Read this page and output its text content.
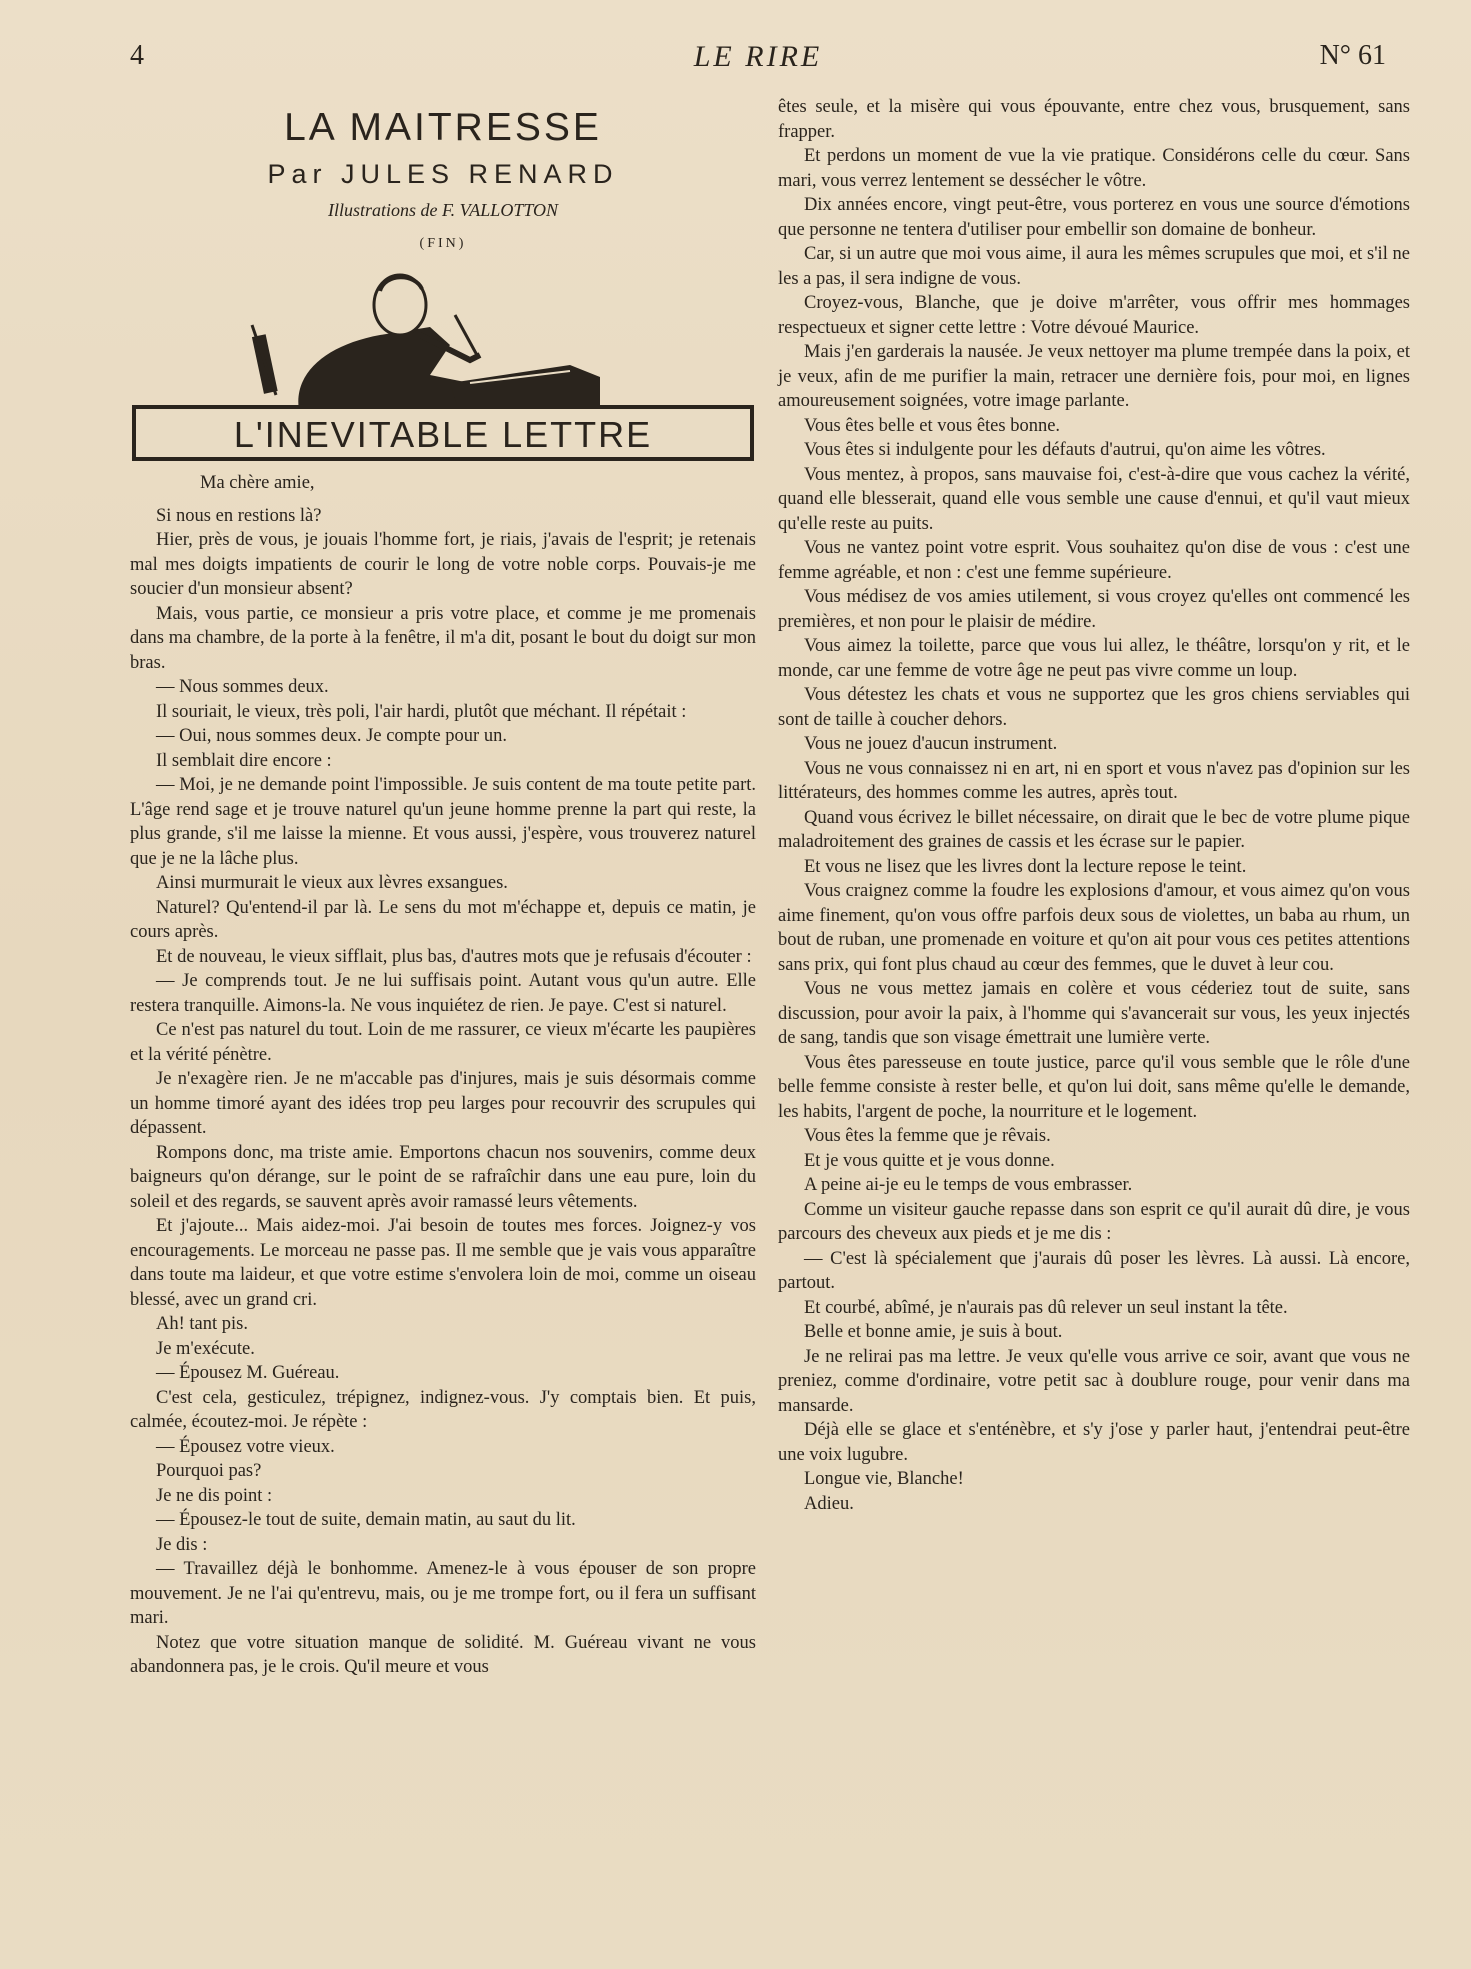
4	LE RIRE	N° 61
LA MAITRESSE
Par JULES RENARD
Illustrations de F. VALLOTTON
(FIN)
L'INEVITABLE LETTRE

Ma chère amie,

Si nous en restions là?

Hier, près de vous, je jouais l'homme fort, je riais, j'avais de l'esprit; je retenais mal mes doigts impatients de courir le long de votre noble corps. Pouvais-je me soucier d'un monsieur absent?

Mais, vous partie, ce monsieur a pris votre place, et comme je me promenais dans ma chambre, de la porte à la fenêtre, il m'a dit, posant le bout du doigt sur mon bras.

— Nous sommes deux.

Il souriait, le vieux, très poli, l'air hardi, plutôt que méchant. Il répétait :

— Oui, nous sommes deux. Je compte pour un.

Il semblait dire encore :

— Moi, je ne demande point l'impossible. Je suis content de ma toute petite part. L'âge rend sage et je trouve naturel qu'un jeune homme prenne la part qui reste, la plus grande, s'il me laisse la mienne. Et vous aussi, j'espère, vous trouverez naturel que je ne la lâche plus.

Ainsi murmurait le vieux aux lèvres exsangues.

Naturel? Qu'entend-il par là. Le sens du mot m'échappe et, depuis ce matin, je cours après.

Et de nouveau, le vieux sifflait, plus bas, d'autres mots que je refusais d'écouter :

— Je comprends tout. Je ne lui suffisais point. Autant vous qu'un autre. Elle restera tranquille. Aimons-la. Ne vous inquiétez de rien. Je paye. C'est si naturel.

Ce n'est pas naturel du tout. Loin de me rassurer, ce vieux m'écarte les paupières et la vérité pénètre.

Je n'exagère rien. Je ne m'accable pas d'injures, mais je suis désormais comme un homme timoré ayant des idées trop peu larges pour recouvrir des scrupules qui dépassent.

Rompons donc, ma triste amie. Emportons chacun nos souvenirs, comme deux baigneurs qu'on dérange, sur le point de se rafraîchir dans une eau pure, loin du soleil et des regards, se sauvent après avoir ramassé leurs vêtements.

Et j'ajoute... Mais aidez-moi. J'ai besoin de toutes mes forces. Joignez-y vos encouragements. Le morceau ne passe pas. Il me semble que je vais vous apparaître dans toute ma laideur, et que votre estime s'envolera loin de moi, comme un oiseau blessé, avec un grand cri.

Ah! tant pis.

Je m'exécute.

— Épousez M. Guéreau.

C'est cela, gesticulez, trépignez, indignez-vous. J'y comptais bien. Et puis, calmée, écoutez-moi. Je répète :

— Épousez votre vieux.

Pourquoi pas?

Je ne dis point :

— Épousez-le tout de suite, demain matin, au saut du lit.

Je dis :

— Travaillez déjà le bonhomme. Amenez-le à vous épouser de son propre mouvement. Je ne l'ai qu'entrevu, mais, ou je me trompe fort, ou il fera un suffisant mari.

Notez que votre situation manque de solidité. M. Guéreau vivant ne vous abandonnera pas, je le crois. Qu'il meure et vous

êtes seule, et la misère qui vous épouvante, entre chez vous, brusquement, sans frapper.

Et perdons un moment de vue la vie pratique. Considérons celle du cœur. Sans mari, vous verrez lentement se dessécher le vôtre.

Dix années encore, vingt peut-être, vous porterez en vous une source d'émotions que personne ne tentera d'utiliser pour embellir son domaine de bonheur.

Car, si un autre que moi vous aime, il aura les mêmes scrupules que moi, et s'il ne les a pas, il sera indigne de vous.

Croyez-vous, Blanche, que je doive m'arrêter, vous offrir mes hommages respectueux et signer cette lettre : Votre dévoué Maurice.

Mais j'en garderais la nausée. Je veux nettoyer ma plume trempée dans la poix, et je veux, afin de me purifier la main, retracer une dernière fois, pour moi, en lignes amoureusement soignées, votre image parlante.

Vous êtes belle et vous êtes bonne.

Vous êtes si indulgente pour les défauts d'autrui, qu'on aime les vôtres.

Vous mentez, à propos, sans mauvaise foi, c'est-à-dire que vous cachez la vérité, quand elle blesserait, quand elle vous semble une cause d'ennui, et qu'il vaut mieux qu'elle reste au puits.

Vous ne vantez point votre esprit. Vous souhaitez qu'on dise de vous : c'est une femme agréable, et non : c'est une femme supérieure.

Vous médisez de vos amies utilement, si vous croyez qu'elles ont commencé les premières, et non pour le plaisir de médire.

Vous aimez la toilette, parce que vous lui allez, le théâtre, lorsqu'on y rit, et le monde, car une femme de votre âge ne peut pas vivre comme un loup.

Vous détestez les chats et vous ne supportez que les gros chiens serviables qui sont de taille à coucher dehors.

Vous ne jouez d'aucun instrument.

Vous ne vous connaissez ni en art, ni en sport et vous n'avez pas d'opinion sur les littérateurs, des hommes comme les autres, après tout.

Quand vous écrivez le billet nécessaire, on dirait que le bec de votre plume pique maladroitement des graines de cassis et les écrase sur le papier.

Et vous ne lisez que les livres dont la lecture repose le teint.

Vous craignez comme la foudre les explosions d'amour, et vous aimez qu'on vous aime finement, qu'on vous offre parfois deux sous de violettes, un baba au rhum, un bout de ruban, une promenade en voiture et qu'on ait pour vous ces petites attentions sans prix, qui font plus chaud au cœur des femmes, que le duvet à leur cou.

Vous ne vous mettez jamais en colère et vous céderiez tout de suite, sans discussion, pour avoir la paix, à l'homme qui s'avancerait sur vous, les yeux injectés de sang, tandis que son visage émettrait une lumière verte.

Vous êtes paresseuse en toute justice, parce qu'il vous semble que le rôle d'une belle femme consiste à rester belle, et qu'on lui doit, sans même qu'elle le demande, les habits, l'argent de poche, la nourriture et le logement.

Vous êtes la femme que je rêvais.

Et je vous quitte et je vous donne.

A peine ai-je eu le temps de vous embrasser.

Comme un visiteur gauche repasse dans son esprit ce qu'il aurait dû dire, je vous parcours des cheveux aux pieds et je me dis :

— C'est là spécialement que j'aurais dû poser les lèvres. Là aussi. Là encore, partout.

Et courbé, abîmé, je n'aurais pas dû relever un seul instant la tête.

Belle et bonne amie, je suis à bout.

Je ne relirai pas ma lettre. Je veux qu'elle vous arrive ce soir, avant que vous ne preniez, comme d'ordinaire, votre petit sac à doublure rouge, pour venir dans ma mansarde.

Déjà elle se glace et s'enténèbre, et s'y j'ose y parler haut, j'entendrai peut-être une voix lugubre.

Longue vie, Blanche!

Adieu.
